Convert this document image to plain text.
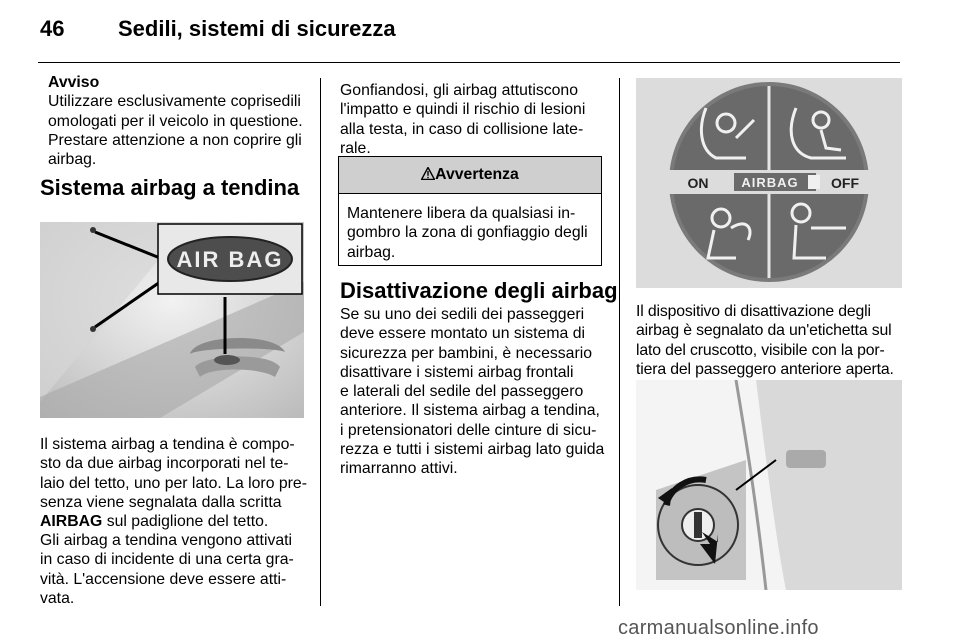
46 Sedili, sistemi di sicurezza
Avviso
Utilizzare esclusivamente coprisedili
omologati per il veicolo in questione.
Prestare attenzione a non coprire gli
airbag.
Sistema airbag a tendina
AIR BAG
Il sistema airbag a tendina è compo-
sto da due airbag incorporati nel te-
laio del tetto, uno per lato. La loro pre-
senza viene segnalata dalla scritta
AIRBAG sul padiglione del tetto.
Gli airbag a tendina vengono attivati
in caso di incidente di una certa gra-
vità. L'accensione deve essere atti-
vata.
Gonfiandosi, gli airbag attutiscono
l'impatto e quindi il rischio di lesioni
alla testa, in caso di collisione late-
rale.
Avvertenza
Mantenere libera da qualsiasi in-
gombro la zona di gonfiaggio degli
airbag.
Disattivazione degli airbag
Se su uno dei sedili dei passeggeri
deve essere montato un sistema di
sicurezza per bambini, è necessario
disattivare i sistemi airbag frontali
e laterali del sedile del passeggero
anteriore. Il sistema airbag a tendina,
i pretensionatori delle cinture di sicu-
rezza e tutti i sistemi airbag lato guida
rimarranno attivi.
ON	AIRBAG OFF
Il dispositivo di disattivazione degli
airbag è segnalato da un'etichetta sul
lato del cruscotto, visibile con la por-
tiera del passeggero anteriore aperta.
carmanualsonline.info
